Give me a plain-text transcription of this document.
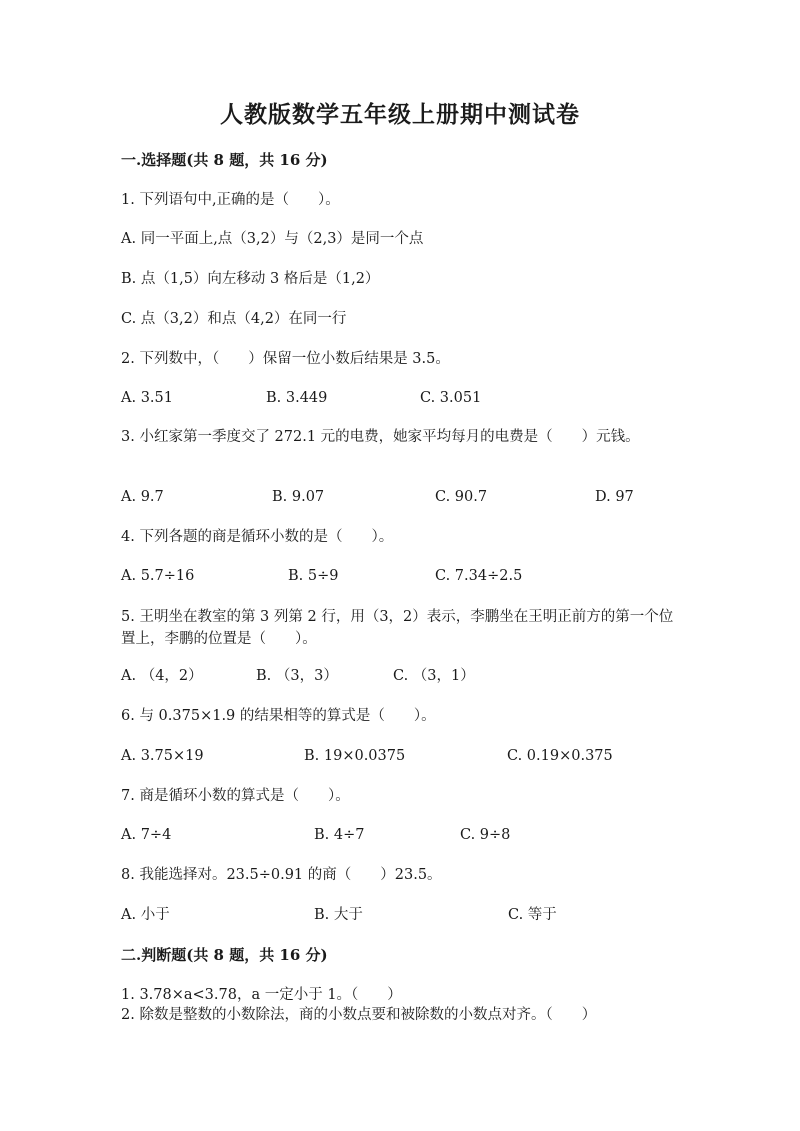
人教版数学五年级上册期中测试卷
一.选择题(共 8 题，共 16 分)
1. 下列语句中,正确的是（　　）。
A. 同一平面上,点（3,2）与（2,3）是同一个点
B. 点（1,5）向左移动 3 格后是（1,2）
C. 点（3,2）和点（4,2）在同一行
2. 下列数中，（　　）保留一位小数后结果是 3.5。
A. 3.51	B. 3.449	C. 3.051
3. 小红家第一季度交了 272.1 元的电费，她家平均每月的电费是（　　）元钱。
A. 9.7	B. 9.07	C. 90.7	D. 97
4. 下列各题的商是循环小数的是（　　）。
A. 5.7÷16	B. 5÷9	C. 7.34÷2.5
5. 王明坐在教室的第 3 列第 2 行，用（3，2）表示，李鹏坐在王明正前方的第一个位置上，李鹏的位置是（　　）。
A. （4，2）	B. （3，3）	C. （3，1）
6. 与 0.375×1.9 的结果相等的算式是（　　）。
A. 3.75×19	B. 19×0.0375	C. 0.19×0.375
7. 商是循环小数的算式是（　　）。
A. 7÷4	B. 4÷7	C. 9÷8
8. 我能选择对。23.5÷0.91 的商（　　）23.5。
A. 小于	B. 大于	C. 等于
二.判断题(共 8 题，共 16 分)
1. 3.78×a<3.78，a 一定小于 1。（　　）
2. 除数是整数的小数除法，商的小数点要和被除数的小数点对齐。（　　）
